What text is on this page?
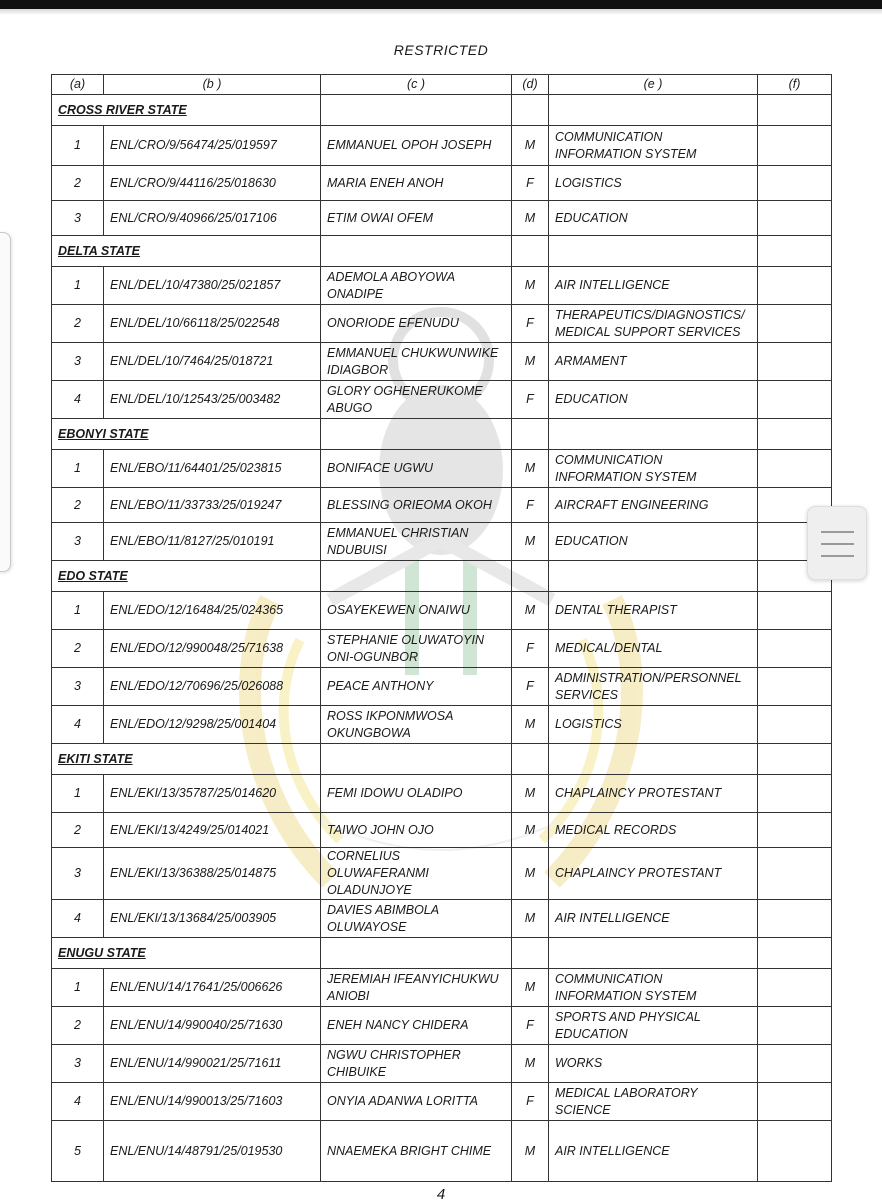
RESTRICTED
(a)	(b )	(c )	(d)	(e )	(f)
CROSS RIVER STATE					
1	ENL/CRO/9/56474/25/019597	EMMANUEL OPOH JOSEPH	M	COMMUNICATION INFORMATION SYSTEM	
2	ENL/CRO/9/44116/25/018630	MARIA ENEH ANOH	F	LOGISTICS	
3	ENL/CRO/9/40966/25/017106	ETIM OWAI OFEM	M	EDUCATION	
DELTA STATE					
1	ENL/DEL/10/47380/25/021857	ADEMOLA ABOYOWA ONADIPE	M	AIR INTELLIGENCE	
2	ENL/DEL/10/66118/25/022548	ONORIODE EFENUDU	F	THERAPEUTICS/DIAGNOSTICS/ MEDICAL SUPPORT SERVICES	
3	ENL/DEL/10/7464/25/018721	EMMANUEL CHUKWUNWIKE IDIAGBOR	M	ARMAMENT	
4	ENL/DEL/10/12543/25/003482	GLORY OGHENERUKOME ABUGO	F	EDUCATION	
EBONYI STATE					
1	ENL/EBO/11/64401/25/023815	BONIFACE UGWU	M	COMMUNICATION INFORMATION SYSTEM	
2	ENL/EBO/11/33733/25/019247	BLESSING ORIEOMA OKOH	F	AIRCRAFT ENGINEERING	
3	ENL/EBO/11/8127/25/010191	EMMANUEL CHRISTIAN NDUBUISI	M	EDUCATION	
EDO STATE					
1	ENL/EDO/12/16484/25/024365	OSAYEKEWEN ONAIWU	M	DENTAL THERAPIST	
2	ENL/EDO/12/990048/25/71638	STEPHANIE OLUWATOYIN ONI-OGUNBOR	F	MEDICAL/DENTAL	
3	ENL/EDO/12/70696/25/026088	PEACE ANTHONY	F	ADMINISTRATION/PERSONNEL SERVICES	
4	ENL/EDO/12/9298/25/001404	ROSS IKPONMWOSA OKUNGBOWA	M	LOGISTICS	
EKITI STATE					
1	ENL/EKI/13/35787/25/014620	FEMI IDOWU OLADIPO	M	CHAPLAINCY PROTESTANT	
2	ENL/EKI/13/4249/25/014021	TAIWO JOHN OJO	M	MEDICAL RECORDS	
3	ENL/EKI/13/36388/25/014875	CORNELIUS OLUWAFERANMI OLADUNJOYE	M	CHAPLAINCY PROTESTANT	
4	ENL/EKI/13/13684/25/003905	DAVIES ABIMBOLA OLUWAYOSE	M	AIR INTELLIGENCE	
ENUGU STATE					
1	ENL/ENU/14/17641/25/006626	JEREMIAH IFEANYICHUKWU ANIOBI	M	COMMUNICATION INFORMATION SYSTEM	
2	ENL/ENU/14/990040/25/71630	ENEH NANCY CHIDERA	F	SPORTS AND PHYSICAL EDUCATION	
3	ENL/ENU/14/990021/25/71611	NGWU CHRISTOPHER CHIBUIKE	M	WORKS	
4	ENL/ENU/14/990013/25/71603	ONYIA ADANWA LORITTA	F	MEDICAL LABORATORY SCIENCE	
5	ENL/ENU/14/48791/25/019530	NNAEMEKA BRIGHT CHIME	M	AIR INTELLIGENCE	
4
